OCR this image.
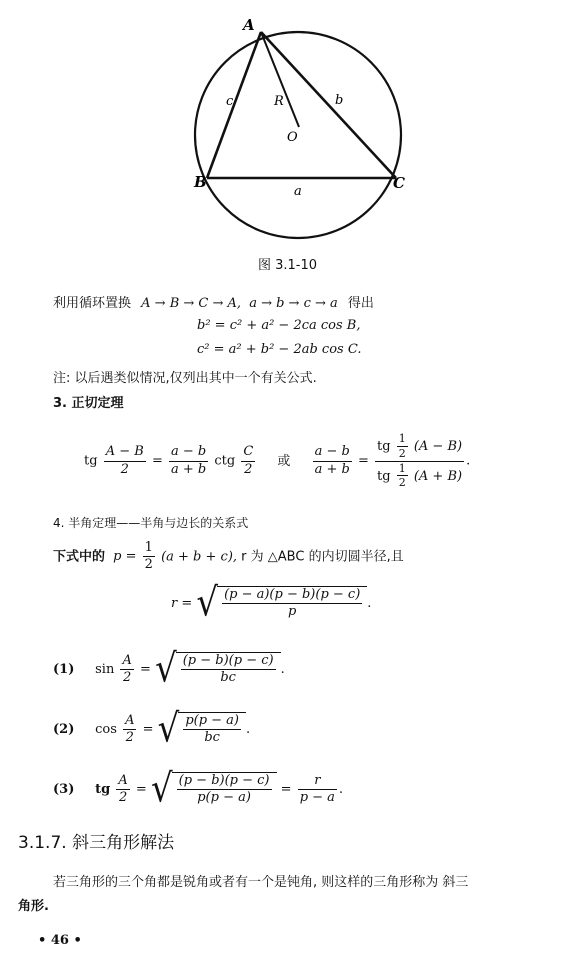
A
B	C
c	b
R
O
a
图 3.1-10
利用循环置换 A → B → C → A, a → b → c → a 得出
b² = c² + a² − 2ca cos B,
c² = a² + b² − 2ab cos C.
注: 以后遇类似情况,仅列出其中一个有关公式.
3. 正切定理
tg $\frac{A - B}{2} = \frac{a - b}{a + b}$ ctg $\frac{C}{2}$ 或 $\frac{a - b}{a + b} = \frac{tg \frac{1}{2} (A - B)}{tg \frac{1}{2} (A + B)}$ .
4. 半角定理——半角与边长的关系式
下式中的 $p = \frac{1}{2} (a + b + c)$, r 为 △ABC 的内切圆半径,且
r = √ $\frac{(p - a)(p - b)(p - c)}{p}$ .
(1) $\sin \frac{A}{2}$ = √ $\frac{(p - b)(p - c)}{bc}$ .
(2) $\cos \frac{A}{2}$ = √ $\frac{p(p - a)}{bc}$ .
(3) tg $\frac{A}{2}$ = √ $\frac{(p - b)(p - c)}{p(p - a)} = \frac{r}{p - a}$ .
3.1.7. 斜三角形解法
若三角形的三个角都是锐角或者有一个是钝角, 则这样的三角形称为 斜三
角形.
• 46 •
